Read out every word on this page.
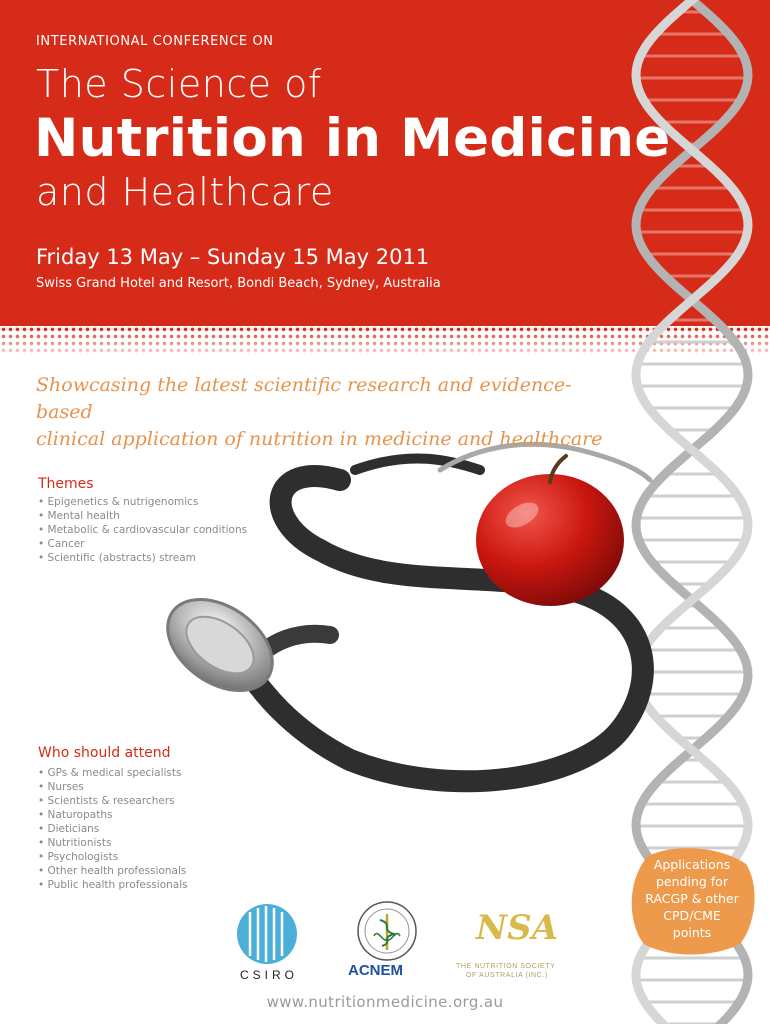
INTERNATIONAL CONFERENCE ON
The Science of
Nutrition in Medicine
and Healthcare
Friday 13 May – Sunday 15 May 2011
Swiss Grand Hotel and Resort, Bondi Beach, Sydney, Australia
Showcasing the latest scientific research and evidence-based
clinical application of nutrition in medicine and healthcare
Themes
• Epigenetics & nutrigenomics
• Mental health
• Metabolic & cardiovascular conditions
• Cancer
• Scientific (abstracts) stream
Who should attend
• GPs & medical specialists
• Nurses
• Scientists & researchers
• Naturopaths
• Dieticians
• Nutritionists
• Psychologists
• Other health professionals
• Public health professionals
Applications
pending for
RACGP & other
CPD/CME
points
CSIRO	ACNEM
NSA
THE NUTRITION SOCIETY
OF AUSTRALIA (INC.)
www.nutritionmedicine.org.au
